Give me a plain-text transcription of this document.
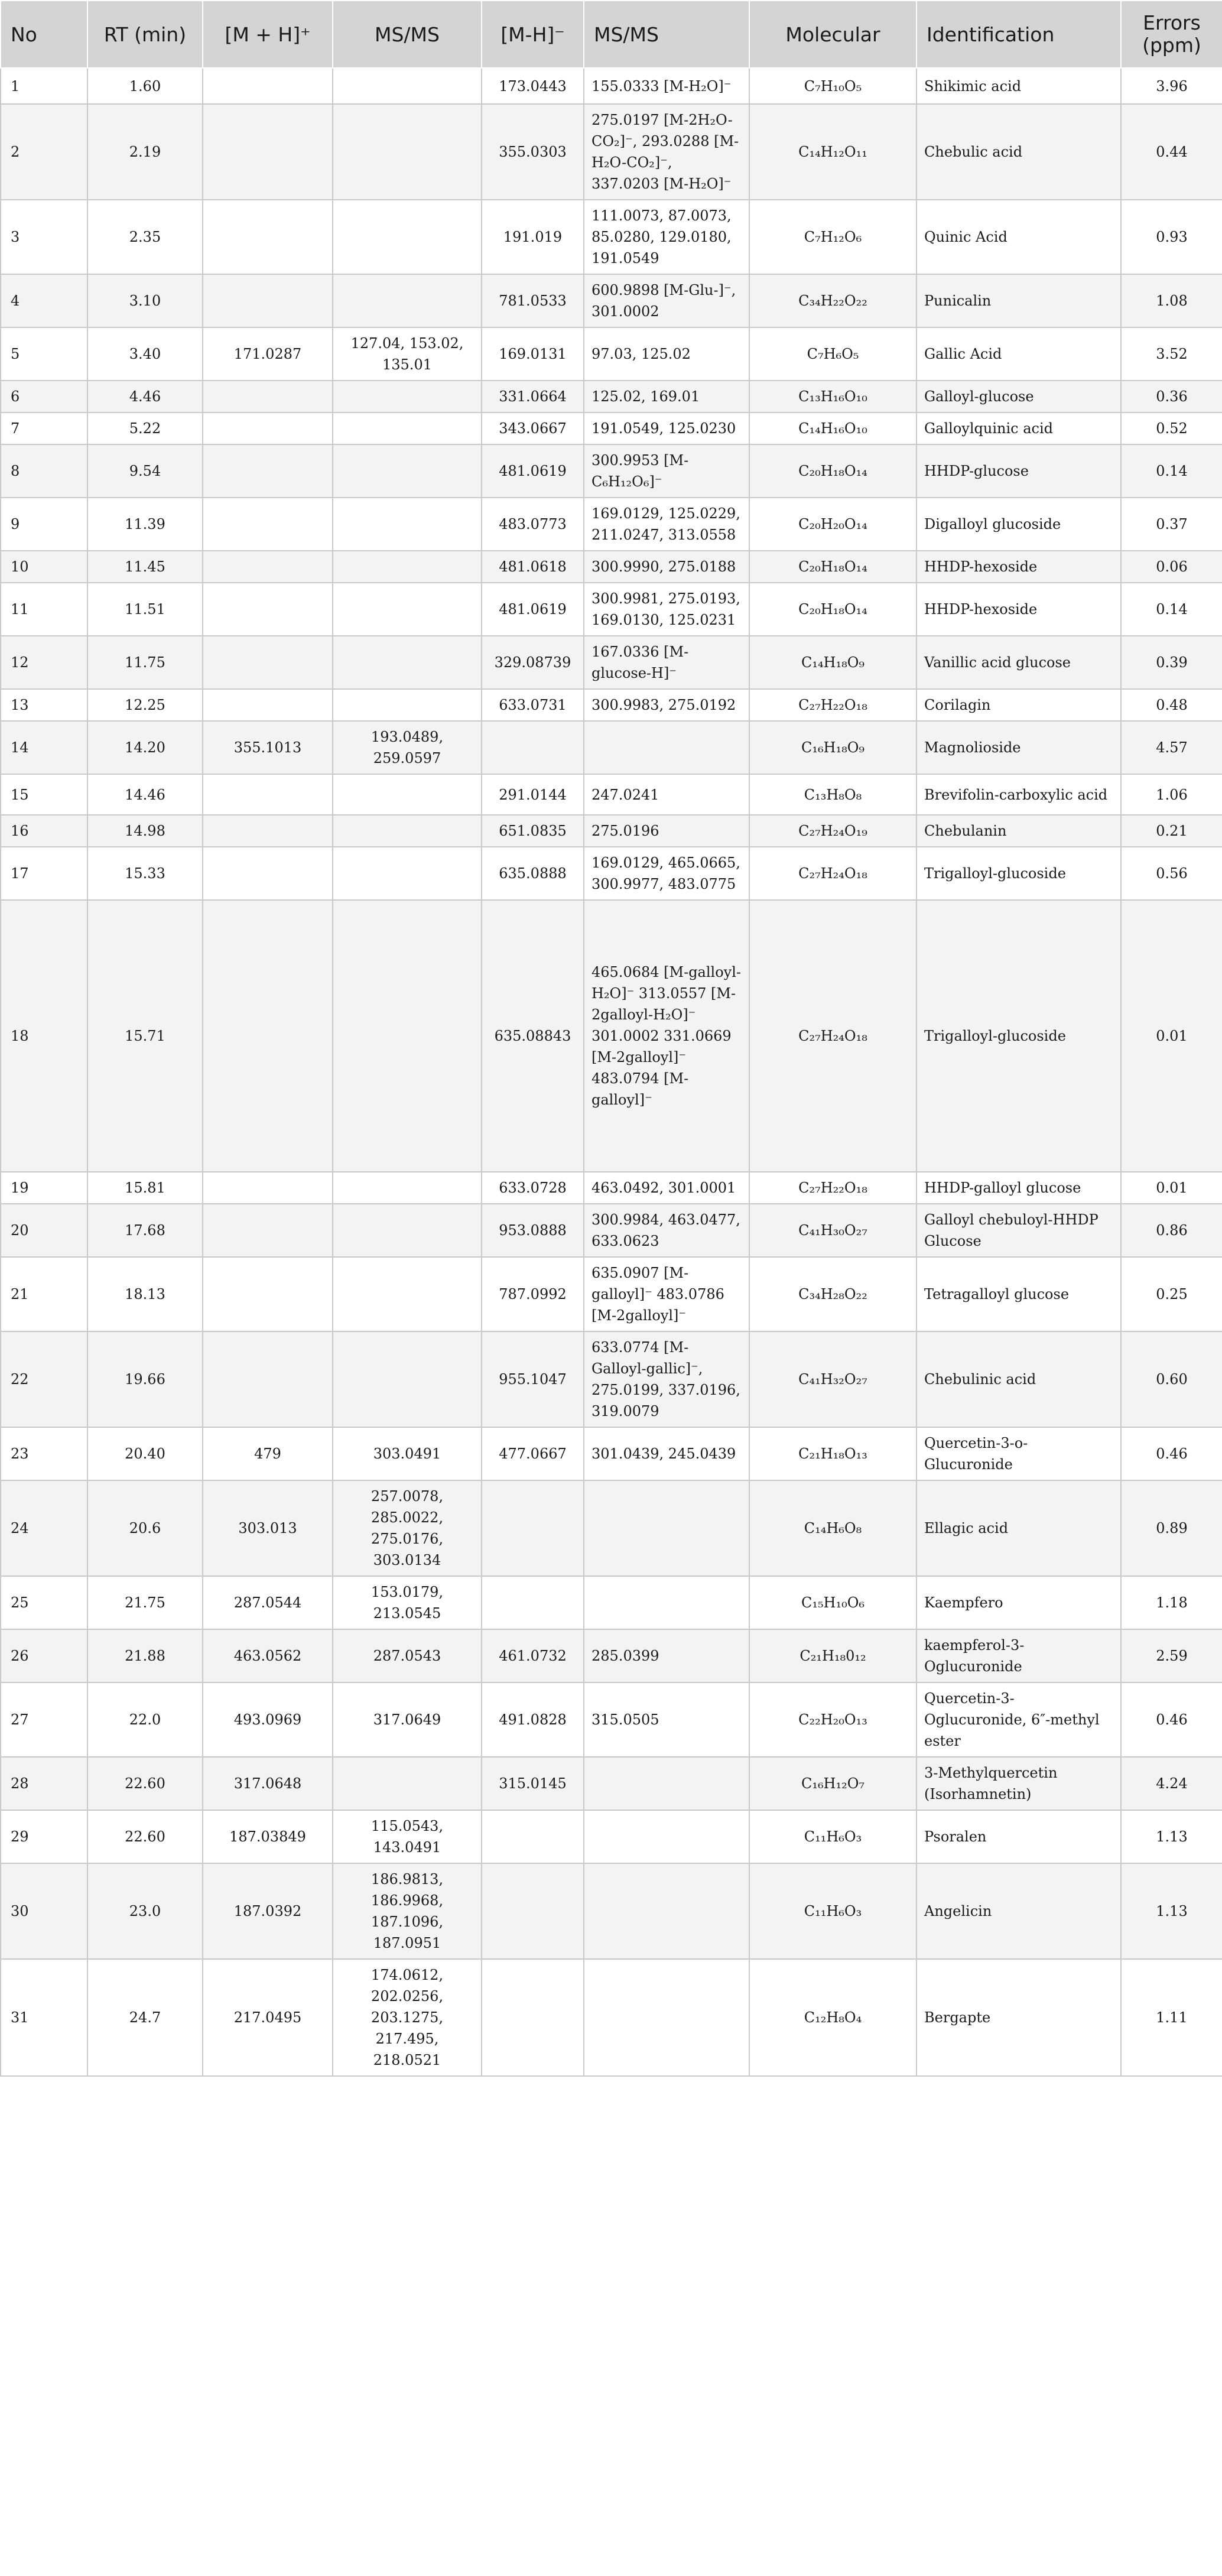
No	RT (min)	[M + H]⁺	MS/MS	[M-H]⁻	MS/MS	Molecular	Identification	Errors
(ppm)
1	1.60			173.0443	155.0333 [M-H₂O]⁻	C₇H₁₀O₅	Shikimic acid	3.96
2	2.19			355.0303	275.0197 [M-2H₂O-CO₂]⁻, 293.0288 [M-H₂O-CO₂]⁻, 337.0203 [M-H₂O]⁻	C₁₄H₁₂O₁₁	Chebulic acid	0.44
3	2.35			191.019	111.0073, 87.0073, 85.0280, 129.0180, 191.0549	C₇H₁₂O₆	Quinic Acid	0.93
4	3.10			781.0533	600.9898 [M-Glu-]⁻, 301.0002	C₃₄H₂₂O₂₂	Punicalin	1.08
5	3.40	171.0287	127.04, 153.02, 135.01	169.0131	97.03, 125.02	C₇H₆O₅	Gallic Acid	3.52
6	4.46			331.0664	125.02, 169.01	C₁₃H₁₆O₁₀	Galloyl-glucose	0.36
7	5.22			343.0667	191.0549, 125.0230	C₁₄H₁₆O₁₀	Galloylquinic acid	0.52
8	9.54			481.0619	300.9953 [M-C₆H₁₂O₆]⁻	C₂₀H₁₈O₁₄	HHDP-glucose	0.14
9	11.39			483.0773	169.0129, 125.0229, 211.0247, 313.0558	C₂₀H₂₀O₁₄	Digalloyl glucoside	0.37
10	11.45			481.0618	300.9990, 275.0188	C₂₀H₁₈O₁₄	HHDP-hexoside	0.06
11	11.51			481.0619	300.9981, 275.0193, 169.0130, 125.0231	C₂₀H₁₈O₁₄	HHDP-hexoside	0.14
12	11.75			329.08739	167.0336 [M-glucose-H]⁻	C₁₄H₁₈O₉	Vanillic acid glucose	0.39
13	12.25			633.0731	300.9983, 275.0192	C₂₇H₂₂O₁₈	Corilagin	0.48
14	14.20	355.1013	193.0489, 259.0597			C₁₆H₁₈O₉	Magnolioside	4.57
15	14.46			291.0144	247.0241	C₁₃H₈O₈	Brevifolin-carboxylic acid	1.06
16	14.98			651.0835	275.0196	C₂₇H₂₄O₁₉	Chebulanin	0.21
17	15.33			635.0888	169.0129, 465.0665, 300.9977, 483.0775	C₂₇H₂₄O₁₈	Trigalloyl-glucoside	0.56
18	15.71			635.08843	465.0684 [M-galloyl-H₂O]⁻ 313.0557 [M-2galloyl-H₂O]⁻ 301.0002 331.0669 [M-2galloyl]⁻ 483.0794 [M-galloyl]⁻	C₂₇H₂₄O₁₈	Trigalloyl-glucoside	0.01
19	15.81			633.0728	463.0492, 301.0001	C₂₇H₂₂O₁₈	HHDP-galloyl glucose	0.01
20	17.68			953.0888	300.9984, 463.0477, 633.0623	C₄₁H₃₀O₂₇	Galloyl chebuloyl-HHDP Glucose	0.86
21	18.13			787.0992	635.0907 [M-galloyl]⁻ 483.0786 [M-2galloyl]⁻	C₃₄H₂₈O₂₂	Tetragalloyl glucose	0.25
22	19.66			955.1047	633.0774 [M-Galloyl-gallic]⁻, 275.0199, 337.0196, 319.0079	C₄₁H₃₂O₂₇	Chebulinic acid	0.60
23	20.40	479	303.0491	477.0667	301.0439, 245.0439	C₂₁H₁₈O₁₃	Quercetin-3-o-Glucuronide	0.46
24	20.6	303.013	257.0078, 285.0022, 275.0176, 303.0134			C₁₄H₆O₈	Ellagic acid	0.89
25	21.75	287.0544	153.0179, 213.0545			C₁₅H₁₀O₆	Kaempfero	1.18
26	21.88	463.0562	287.0543	461.0732	285.0399	C₂₁H₁₈0₁₂	kaempferol-3-Oglucuronide	2.59
27	22.0	493.0969	317.0649	491.0828	315.0505	C₂₂H₂₀O₁₃	Quercetin-3-Oglucuronide, 6″-methyl ester	0.46
28	22.60	317.0648		315.0145		C₁₆H₁₂O₇	3-Methylquercetin (Isorhamnetin)	4.24
29	22.60	187.03849	115.0543, 143.0491			C₁₁H₆O₃	Psoralen	1.13
30	23.0	187.0392	186.9813, 186.9968, 187.1096, 187.0951			C₁₁H₆O₃	Angelicin	1.13
31	24.7	217.0495	174.0612, 202.0256, 203.1275, 217.495, 218.0521			C₁₂H₈O₄	Bergapte	1.11
